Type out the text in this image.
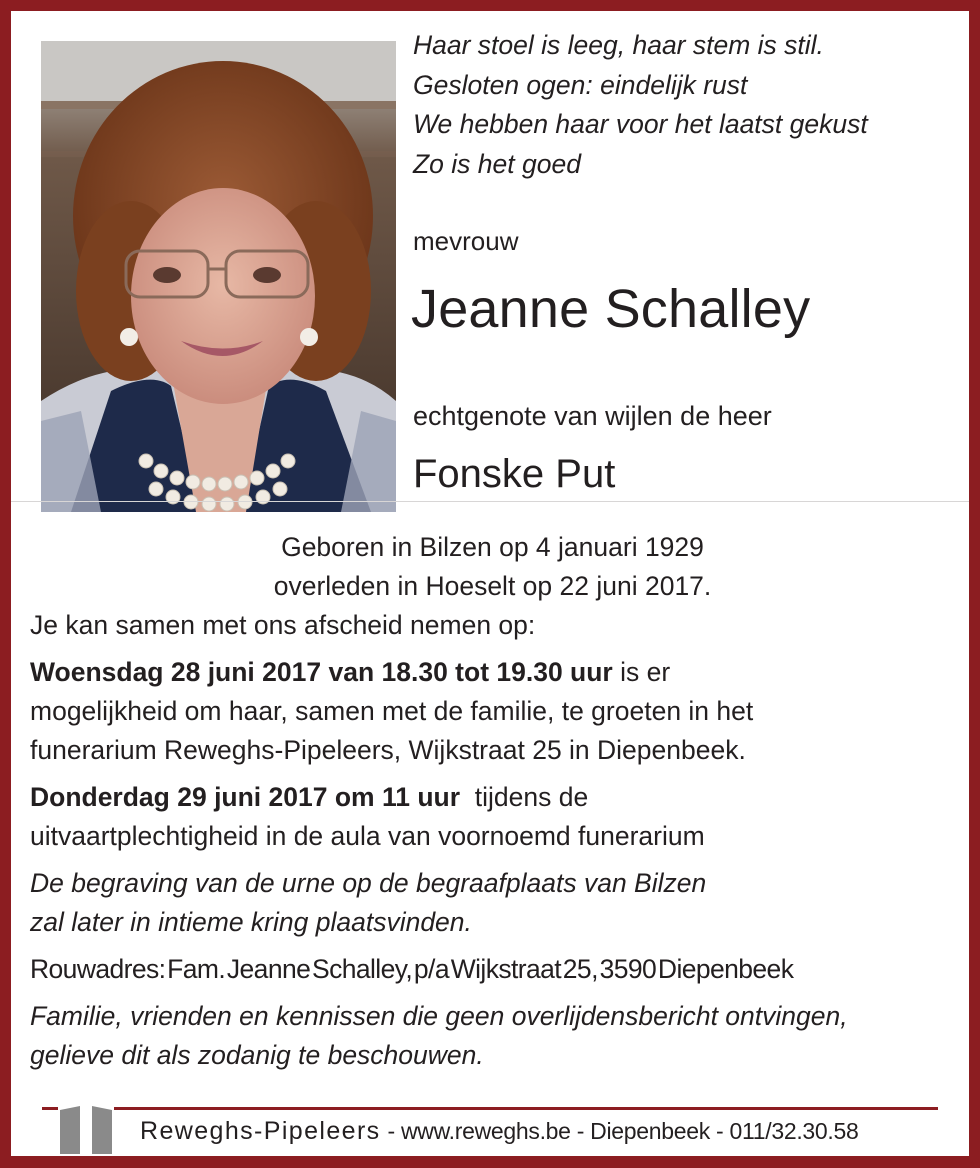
Haar stoel is leeg, haar stem is stil.
Gesloten ogen: eindelijk rust
We hebben haar voor het laatst gekust
Zo is het goed
mevrouw
Jeanne Schalley
echtgenote van wijlen de heer
Fonske Put
Geboren in Bilzen op 4 januari 1929
overleden in Hoeselt op 22 juni 2017.
Je kan samen met ons afscheid nemen op:
Woensdag 28 juni 2017 van 18.30 tot 19.30 uur is er
mogelijkheid om haar, samen met de familie, te groeten in het
funerarium Reweghs-Pipeleers, Wijkstraat 25 in Diepenbeek.
Donderdag 29 juni 2017 om 11 uur  tijdens de
uitvaartplechtigheid in de aula van voornoemd funerarium
De begraving van de urne op de begraafplaats van Bilzen
zal later in intieme kring plaatsvinden.
Rouwadres: Fam. Jeanne Schalley, p/a Wijkstraat 25, 3590 Diepenbeek
Familie, vrienden en kennissen die geen overlijdensbericht ontvingen,
gelieve dit als zodanig te beschouwen.
Reweghs-Pipeleers - www.reweghs.be - Diepenbeek - 011/32.30.58
